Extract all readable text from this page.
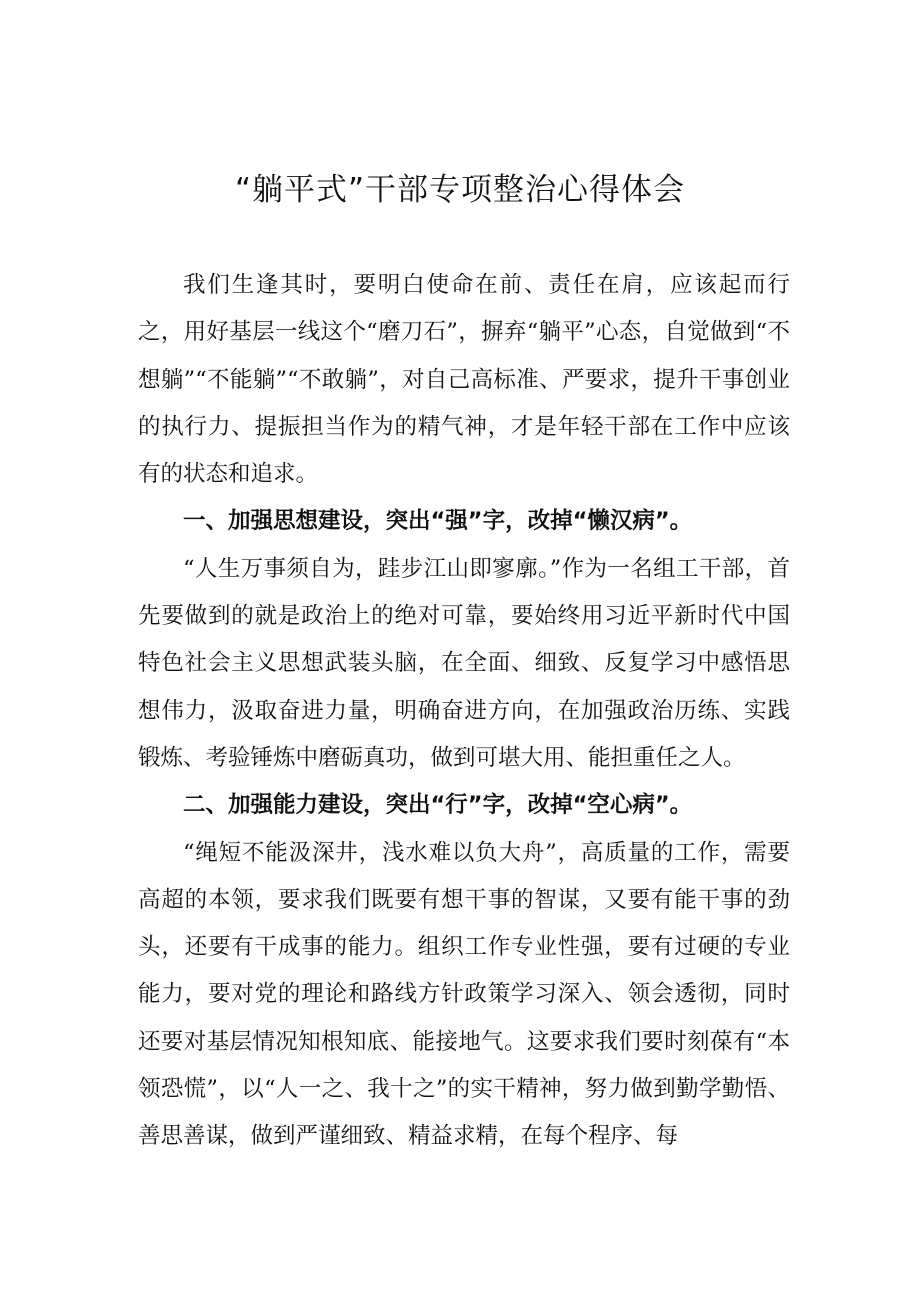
“躺平式”干部专项整治心得体会

我们生逢其时，要明白使命在前、责任在肩，应该起而行之，用好基层一线这个“磨刀石”，摒弃“躺平”心态，自觉做到“不想躺”“不能躺”“不敢躺”，对自己高标准、严要求，提升干事创业的执行力、提振担当作为的精气神，才是年轻干部在工作中应该有的状态和追求。

一、加强思想建设，突出“强”字，改掉“懒汉病”。

“人生万事须自为，跬步江山即寥廓。”作为一名组工干部，首先要做到的就是政治上的绝对可靠，要始终用习近平新时代中国特色社会主义思想武装头脑，在全面、细致、反复学习中感悟思想伟力，汲取奋进力量，明确奋进方向，在加强政治历练、实践锻炼、考验锤炼中磨砺真功，做到可堪大用、能担重任之人。

二、加强能力建设，突出“行”字，改掉“空心病”。

“绳短不能汲深井，浅水难以负大舟”，高质量的工作，需要高超的本领，要求我们既要有想干事的智谋，又要有能干事的劲头，还要有干成事的能力。组织工作专业性强，要有过硬的专业能力，要对党的理论和路线方针政策学习深入、领会透彻，同时还要对基层情况知根知底、能接地气。这要求我们要时刻葆有“本领恐慌”，以“人一之、我十之”的实干精神，努力做到勤学勤悟、善思善谋，做到严谨细致、精益求精，在每个程序、每
